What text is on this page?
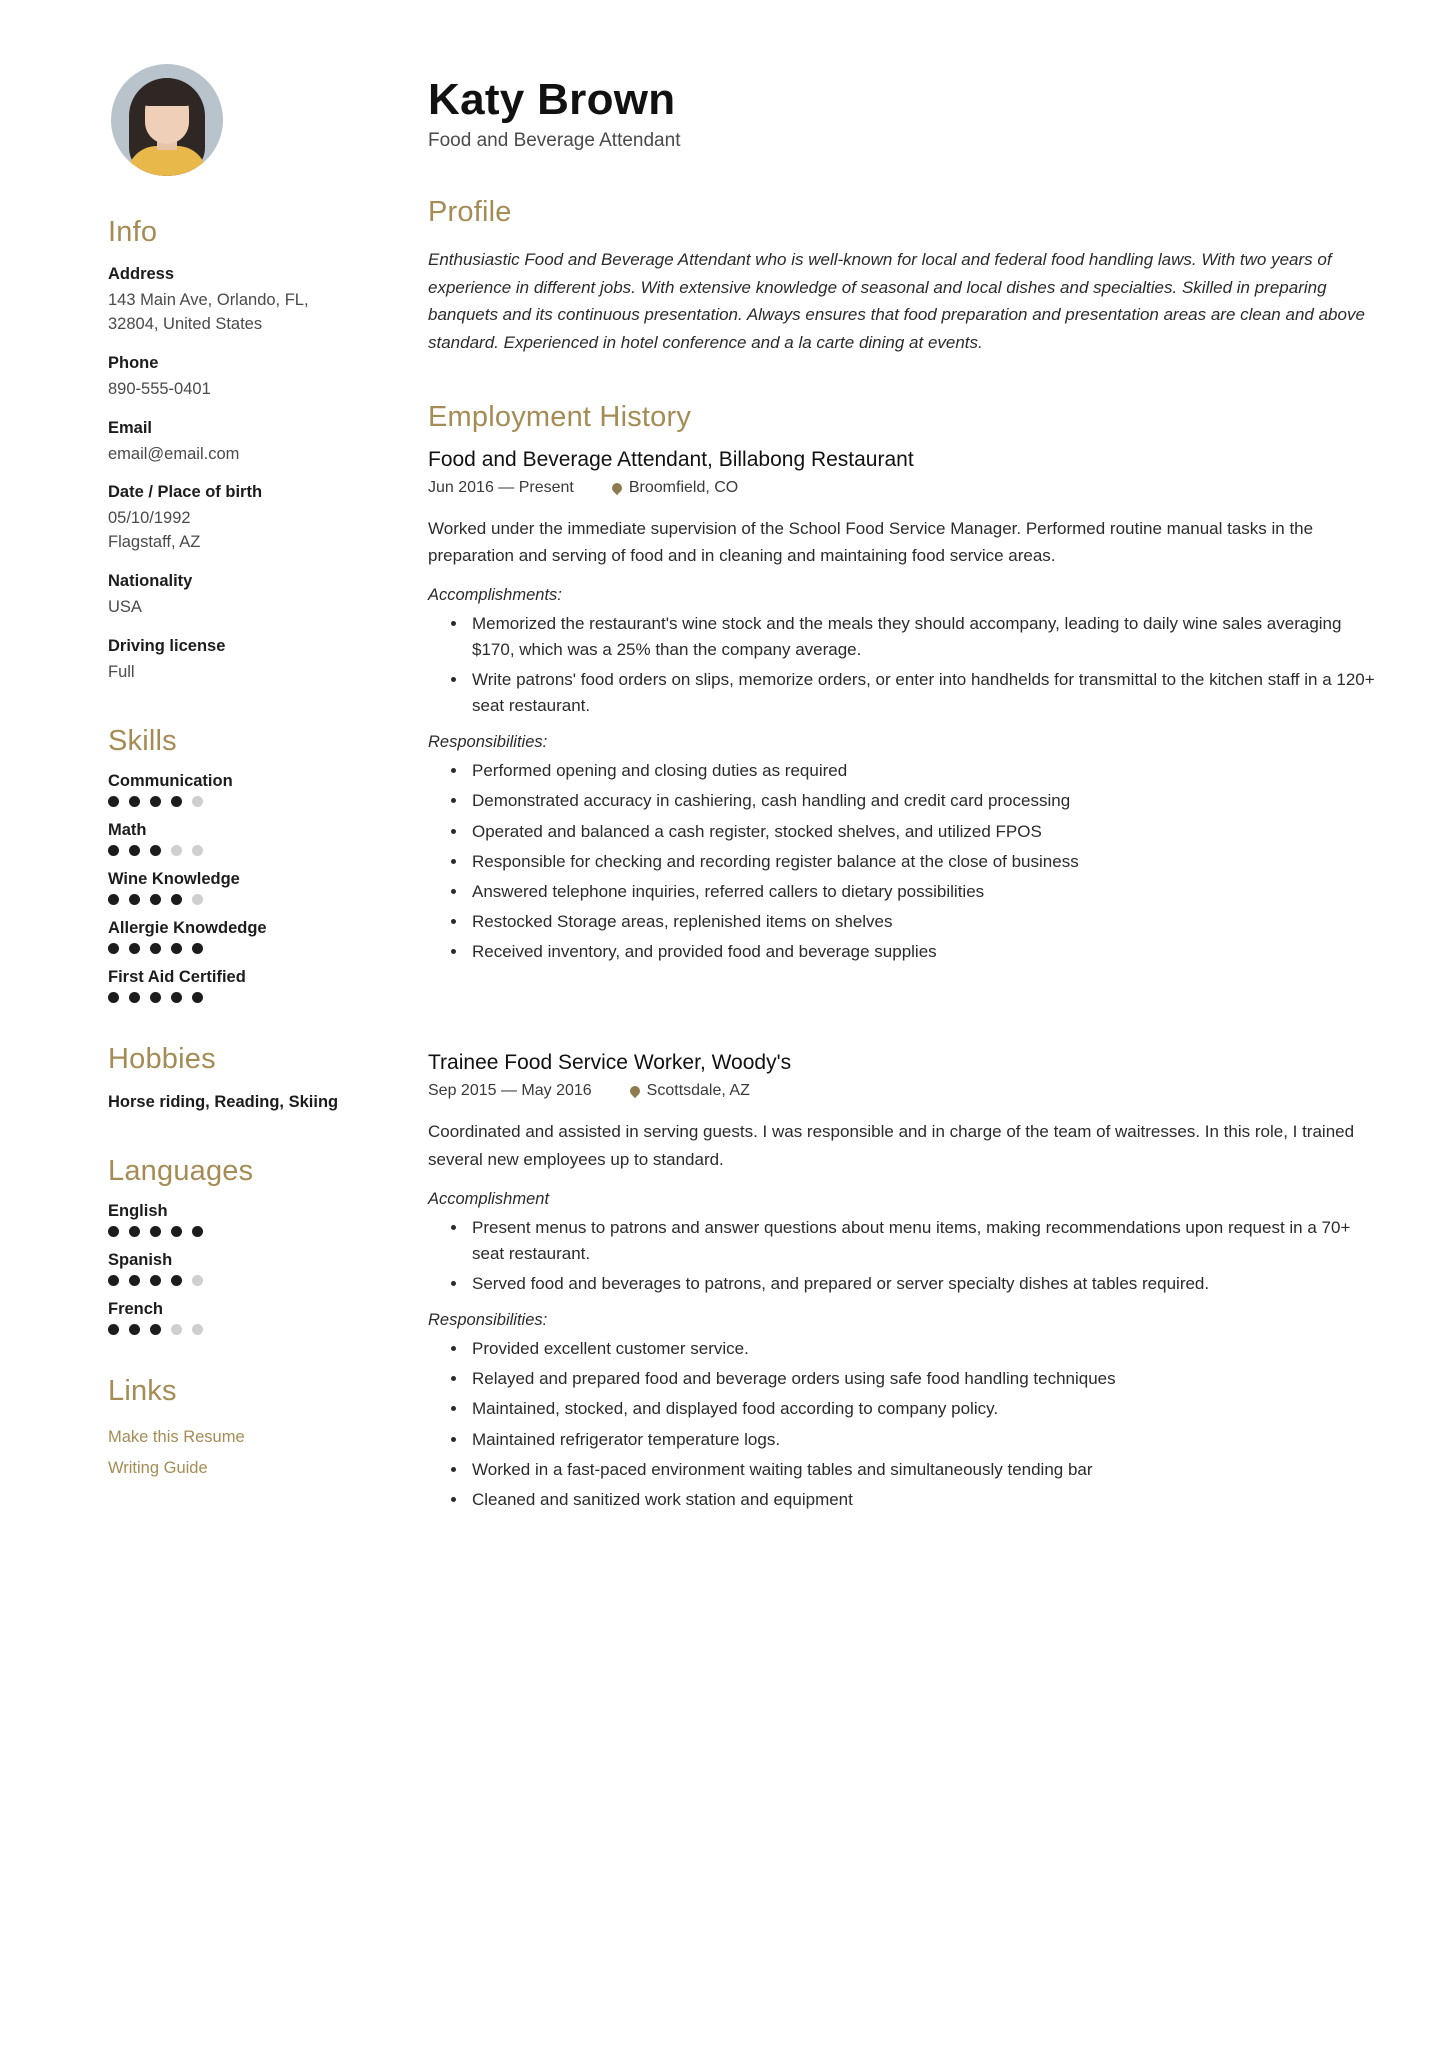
Info
Address
143 Main Ave, Orlando, FL,
32804, United States
Phone
890-555-0401
Email
email@email.com
Date / Place of birth
05/10/1992
Flagstaff, AZ
Nationality
USA
Driving license
Full
Skills
Communication
Math
Wine Knowledge
Allergie Knowdedge
First Aid Certified
Hobbies
Horse riding, Reading, Skiing
Languages
English
Spanish
French
Links
Make this Resume
Writing Guide
Katy Brown
Food and Beverage Attendant
Profile

Enthusiastic Food and Beverage Attendant who is well-known for local and federal food handling laws. With two years of experience in different jobs. With extensive knowledge of seasonal and local dishes and specialties. Skilled in preparing banquets and its continuous presentation. Always ensures that food preparation and presentation areas are clean and above standard. Experienced in hotel conference and a la carte dining at events.

Employment History
Food and Beverage Attendant, Billabong Restaurant
Jun 2016 — Present	Broomfield, CO

Worked under the immediate supervision of the School Food Service Manager. Performed routine manual tasks in the preparation and serving of food and in cleaning and maintaining food service areas.

Accomplishments:
• Memorized the restaurant's wine stock and the meals they should accompany, leading to daily wine sales averaging $170, which was a 25% than the company average.
• Write patrons' food orders on slips, memorize orders, or enter into handhelds for transmittal to the kitchen staff in a 120+ seat restaurant.
Responsibilities:
• Performed opening and closing duties as required
• Demonstrated accuracy in cashiering, cash handling and credit card processing
• Operated and balanced a cash register, stocked shelves, and utilized FPOS
• Responsible for checking and recording register balance at the close of business
• Answered telephone inquiries, referred callers to dietary possibilities
• Restocked Storage areas, replenished items on shelves
• Received inventory, and provided food and beverage supplies
Trainee Food Service Worker, Woody's
Sep 2015 — May 2016	Scottsdale, AZ

Coordinated and assisted in serving guests. I was responsible and in charge of the team of waitresses. In this role, I trained several new employees up to standard.

Accomplishment
• Present menus to patrons and answer questions about menu items, making recommendations upon request in a 70+ seat restaurant.
• Served food and beverages to patrons, and prepared or server specialty dishes at tables required.
Responsibilities:
• Provided excellent customer service.
• Relayed and prepared food and beverage orders using safe food handling techniques
• Maintained, stocked, and displayed food according to company policy.
• Maintained refrigerator temperature logs.
• Worked in a fast-paced environment waiting tables and simultaneously tending bar
• Cleaned and sanitized work station and equipment
